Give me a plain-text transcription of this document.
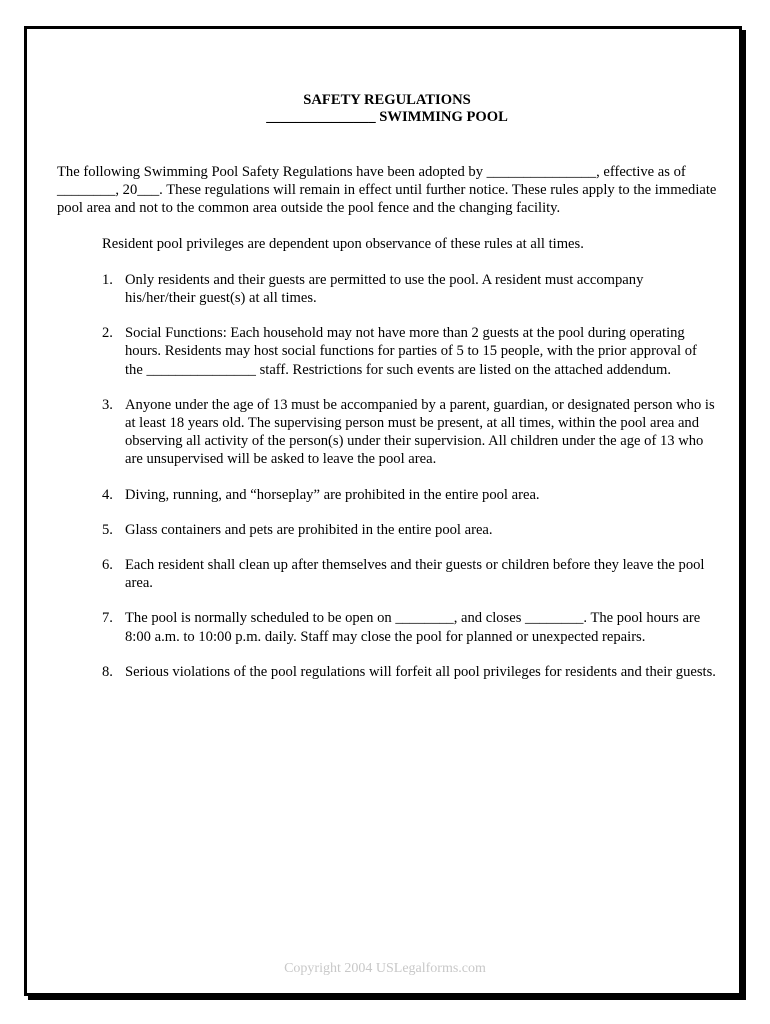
SAFETY REGULATIONS
_______________ SWIMMING POOL
The following Swimming Pool Safety Regulations have been adopted by _______________, effective as of ________, 20___. These regulations will remain in effect until further notice. These rules apply to the immediate pool area and not to the common area outside the pool fence and the changing facility.
Resident pool privileges are dependent upon observance of these rules at all times.
1. Only residents and their guests are permitted to use the pool. A resident must accompany his/her/their guest(s) at all times.
2. Social Functions: Each household may not have more than 2 guests at the pool during operating hours. Residents may host social functions for parties of 5 to 15 people, with the prior approval of the _______________ staff. Restrictions for such events are listed on the attached addendum.
3. Anyone under the age of 13 must be accompanied by a parent, guardian, or designated person who is at least 18 years old. The supervising person must be present, at all times, within the pool area and observing all activity of the person(s) under their supervision. All children under the age of 13 who are unsupervised will be asked to leave the pool area.
4. Diving, running, and “horseplay” are prohibited in the entire pool area.
5. Glass containers and pets are prohibited in the entire pool area.
6. Each resident shall clean up after themselves and their guests or children before they leave the pool area.
7. The pool is normally scheduled to be open on ________, and closes ________. The pool hours are 8:00 a.m. to 10:00 p.m. daily. Staff may close the pool for planned or unexpected repairs.
8. Serious violations of the pool regulations will forfeit all pool privileges for residents and their guests.
Copyright 2004 USLegalforms.com
